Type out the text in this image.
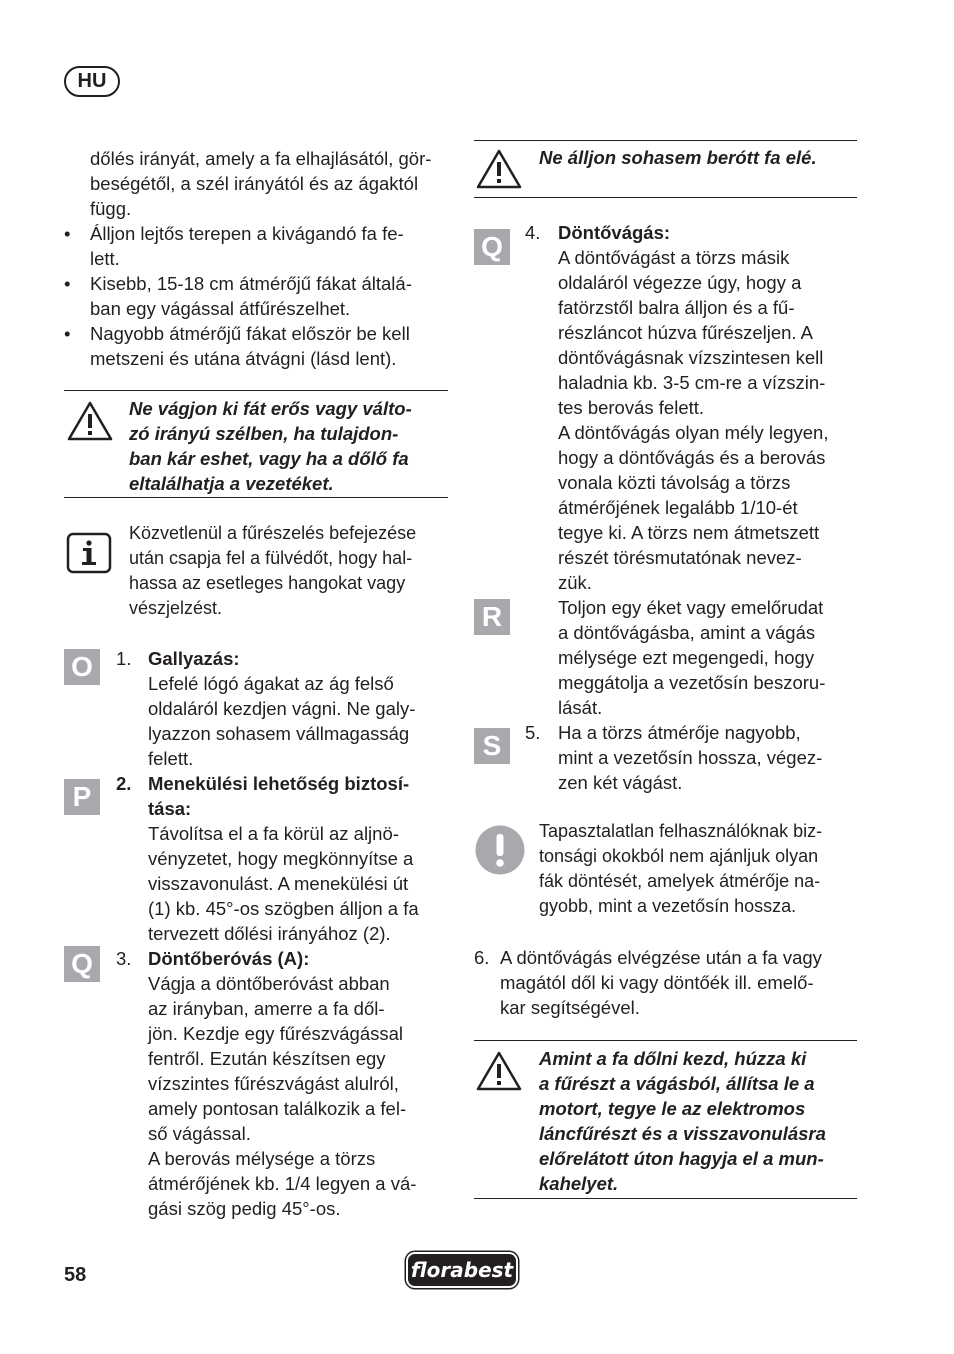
HU
dőlés irányát, amely a fa elhajlásától, gör-
beségétől, a szél irányától és az ágaktól
függ.
• Álljon lejtős terepen a kivágandó fa fe-
lett.
• Kisebb, 15-18 cm átmérőjű fákat általá-
ban egy vágással átfűrészelhet.
• Nagyobb átmérőjű fákat először be kell
metszeni és utána átvágni (lásd lent).
Ne vágjon ki fát erős vagy válto-
zó irányú szélben, ha tulajdon-
ban kár eshet, vagy ha a dőlő fa
eltalálhatja a vezetéket.
Közvetlenül a fűrészelés befejezése
után csapja fel a fülvédőt, hogy hal-
hassa az esetleges hangokat vagy
vészjelzést.
O	1. Gallyazás:
Lefelé lógó ágakat az ág felső
oldaláról kezdjen vágni. Ne galy-
lyazzon sohasem vállmagasság
felett.
P	2. Menekülési lehetőség biztosí-
tása:
Távolítsa el a fa körül az aljnö-
vényzetet, hogy megkönnyítse a
visszavonulást. A menekülési út
(1) kb. 45°-os szögben álljon a fa
tervezett dőlési irányához (2).
Q	3. Döntőberóvás (A):
Vágja a döntőberóvást abban
az irányban, amerre a fa dől-
jön. Kezdje egy fűrészvágással
fentről. Ezután készítsen egy
vízszintes fűrészvágást alulról,
amely pontosan találkozik a fel-
ső vágással.
A berovás mélysége a törzs
átmérőjének kb. 1/4 legyen a vá-
gási szög pedig 45°-os.
Ne álljon sohasem berótt fa elé.
Q	4. Döntővágás:
A döntővágást a törzs másik
oldaláról végezze úgy, hogy a
fatörzstől balra álljon és a fű-
részláncot húzva fűrészeljen. A
döntővágásnak vízszintesen kell
haladnia kb. 3-5 cm-re a vízszin-
tes berovás felett.
A döntővágás olyan mély legyen,
hogy a döntővágás és a berovás
vonala közti távolság a törzs
átmérőjének legalább 1/10-ét
tegye ki. A törzs nem átmetszett
részét törésmutatónak nevez-
zük.
R	Toljon egy éket vagy emelőrudat
a döntővágásba, amint a vágás
mélysége ezt megengedi, hogy
meggátolja a vezetősín beszoru-
lását.
S	5. Ha a törzs átmérője nagyobb,
mint a vezetősín hossza, végez-
zen két vágást.
Tapasztalatlan felhasználóknak biz-
tonsági okokból nem ajánljuk olyan
fák döntését, amelyek átmérője na-
gyobb, mint a vezetősín hossza.
6. A döntővágás elvégzése után a fa vagy
magától dől ki vagy döntőék ill. emelő-
kar segítségével.
Amint a fa dőlni kezd, húzza ki
a fűrészt a vágásból, állítsa le a
motort, tegye le az elektromos
láncfűrészt és a visszavonulásra
előrelátott úton hagyja el a mun-
kahelyet.
58	florabest
